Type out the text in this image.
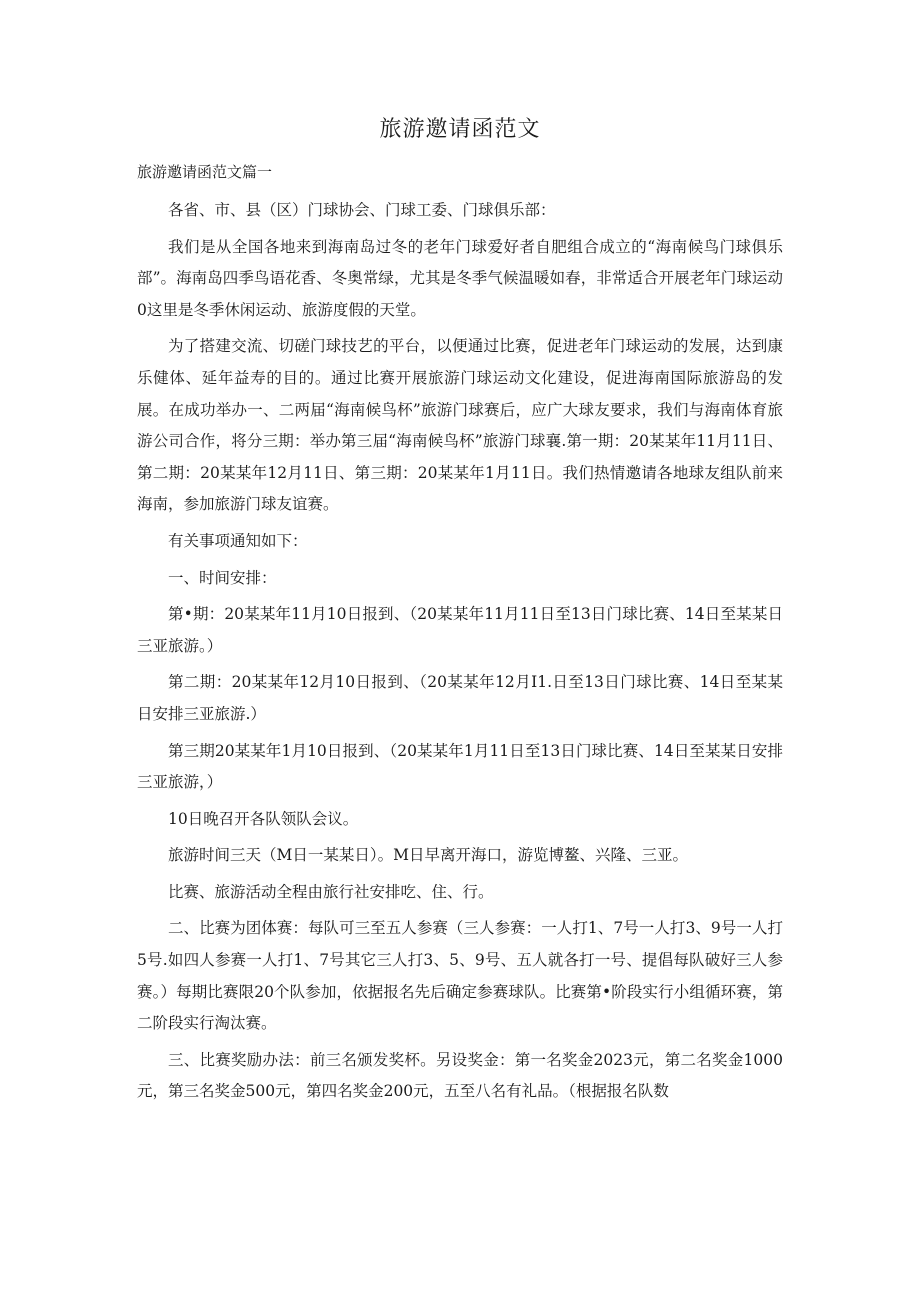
旅游邀请函范文

旅游邀请函范文篇一

各省、市、县（区）门球协会、门球工委、门球俱乐部：

我们是从全国各地来到海南岛过冬的老年门球爱好者自肥组合成立的“海南候鸟门球俱乐部”。海南岛四季鸟语花香、冬奥常绿，尤其是冬季气候温暖如春，非常适合开展老年门球运动0这里是冬季休闲运动、旅游度假的天堂。

为了搭建交流、切磋门球技艺的平台，以便通过比赛，促进老年门球运动的发展，达到康乐健体、延年益寿的目的。通过比赛开展旅游门球运动文化建设，促进海南国际旅游岛的发展。在成功举办一、二两届“海南候鸟杯”旅游门球赛后，应广大球友要求，我们与海南体育旅游公司合作，将分三期：举办第三届“海南候鸟杯”旅游门球襄.第一期：20某某年11月11日、第二期：20某某年12月11日、第三期：20某某年1月11日。我们热情邀请各地球友组队前来海南，参加旅游门球友谊赛。

有关事项通知如下：

一、时间安排：

第•期：20某某年11月10日报到、（20某某年11月11日至13日门球比赛、14日至某某日三亚旅游。）

第二期：20某某年12月10日报到、（20某某年12月I1.日至13日门球比赛、14日至某某日安排三亚旅游.）

第三期20某某年1月10日报到、（20某某年1月11日至13日门球比赛、14日至某某日安排三亚旅游，）

10日晚召开各队领队会议。

旅游时间三天（M日一某某日）。M日早离开海口，游览博鳌、兴隆、三亚。

比赛、旅游活动全程由旅行社安排吃、住、行。

二、比赛为团体赛：每队可三至五人参赛（三人参赛：一人打1、7号一人打3、9号一人打5号.如四人参赛一人打1、7号其它三人打3、5、9号、五人就各打一号、提倡每队破好三人参赛。）每期比赛限20个队参加，依据报名先后确定参赛球队。比赛第•阶段实行小组循环赛，第二阶段实行淘汰赛。

三、比赛奖励办法：前三名颁发奖杯。另设奖金：第一名奖金2023元，第二名奖金1000元，第三名奖金500元，第四名奖金200元，五至八名有礼品。（根据报名队数
